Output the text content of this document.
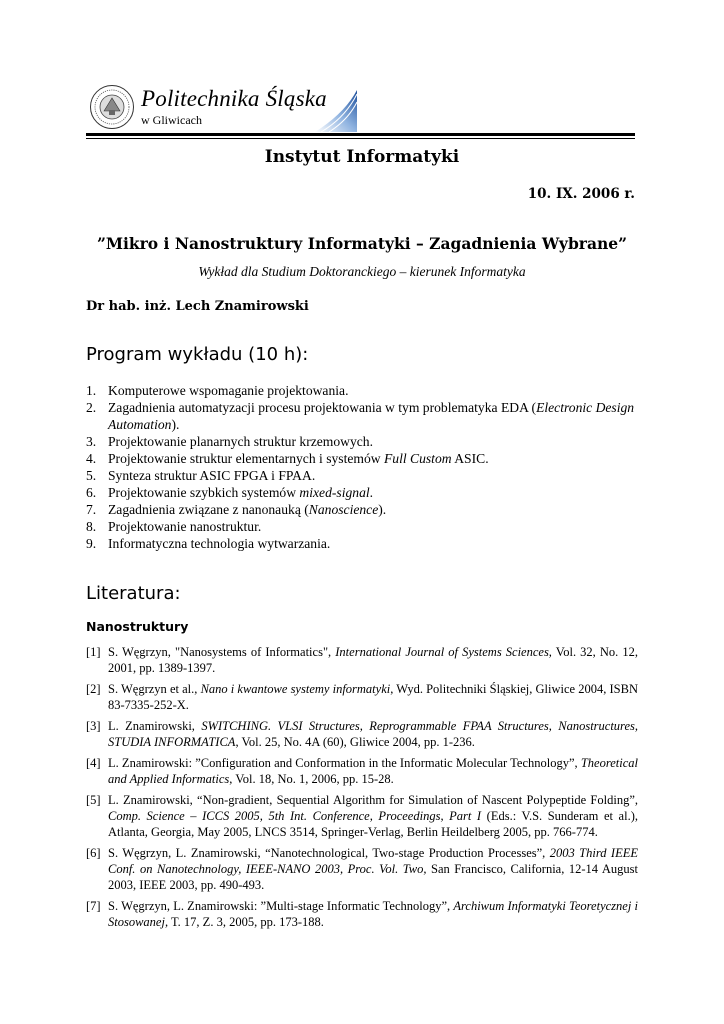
Politechnika Śląska
w Gliwicach
Instytut Informatyki
10. IX. 2006 r.
”Mikro i Nanostruktury Informatyki – Zagadnienia Wybrane”
Wykład dla Studium Doktoranckiego – kierunek Informatyka
Dr hab. inż. Lech Znamirowski
Program wykładu (10 h):
1. Komputerowe wspomaganie projektowania.
2. Zagadnienia automatyzacji procesu projektowania w tym problematyka EDA (Electronic Design Automation).
3. Projektowanie planarnych struktur krzemowych.
4. Projektowanie struktur elementarnych i systemów Full Custom ASIC.
5. Synteza struktur ASIC FPGA i FPAA.
6. Projektowanie szybkich systemów mixed-signal.
7. Zagadnienia związane z nanonauką (Nanoscience).
8. Projektowanie nanostruktur.
9. Informatyczna technologia wytwarzania.
Literatura:
Nanostruktury
[1] S. Węgrzyn, "Nanosystems of Informatics", International Journal of Systems Sciences, Vol. 32, No. 12, 2001, pp. 1389-1397.
[2] S. Węgrzyn et al., Nano i kwantowe systemy informatyki, Wyd. Politechniki Śląskiej, Gliwice 2004, ISBN 83-7335-252-X.
[3] L. Znamirowski, SWITCHING. VLSI Structures, Reprogrammable FPAA Structures, Nanostructures, STUDIA INFORMATICA, Vol. 25, No. 4A (60), Gliwice 2004, pp. 1-236.
[4] L. Znamirowski: ”Configuration and Conformation in the Informatic Molecular Technology”, Theoretical and Applied Informatics, Vol. 18, No. 1, 2006, pp. 15-28.
[5] L. Znamirowski, “Non-gradient, Sequential Algorithm for Simulation of Nascent Polypeptide Folding”, Comp. Science – ICCS 2005, 5th Int. Conference, Proceedings, Part I (Eds.: V.S. Sunderam et al.), Atlanta, Georgia, May 2005, LNCS 3514, Springer-Verlag, Berlin Heildelberg 2005, pp. 766-774.
[6] S. Węgrzyn, L. Znamirowski, “Nanotechnological, Two-stage Production Processes”, 2003 Third IEEE Conf. on Nanotechnology, IEEE-NANO 2003, Proc. Vol. Two, San Francisco, California, 12-14 August 2003, IEEE 2003, pp. 490-493.
[7] S. Węgrzyn, L. Znamirowski: ”Multi-stage Informatic Technology”, Archiwum Informatyki Teoretycznej i Stosowanej, T. 17, Z. 3, 2005, pp. 173-188.
